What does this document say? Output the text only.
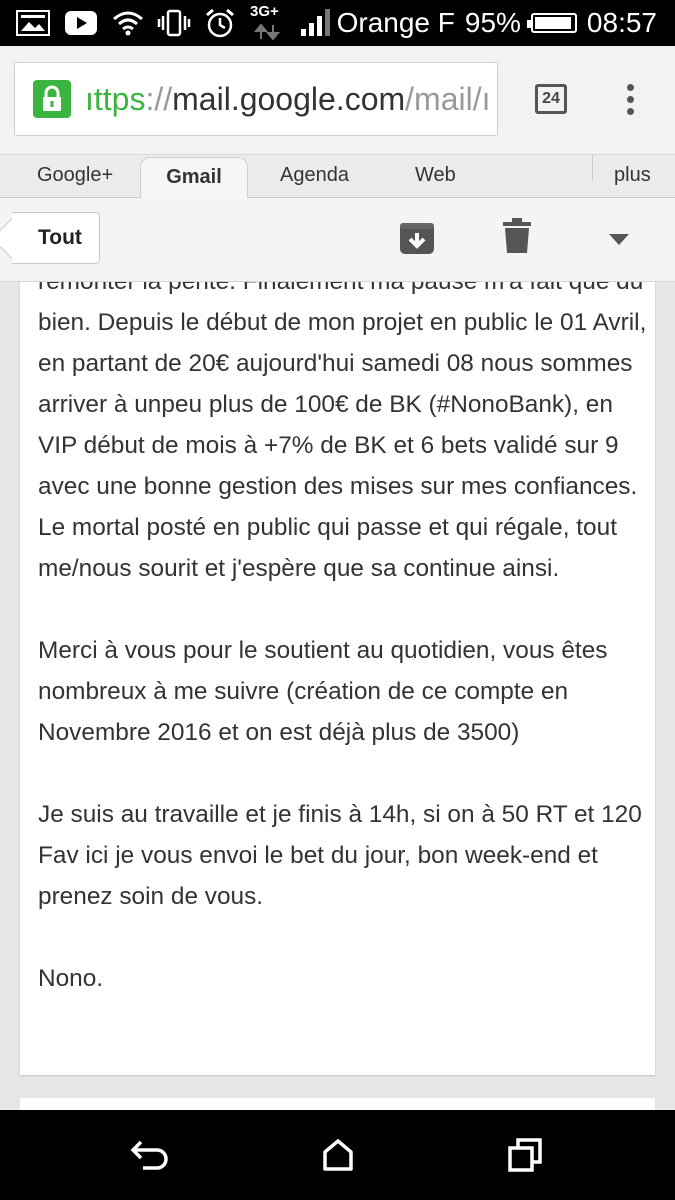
3G+ Orange F 95% 08:57
ıttps://mail.google.com/mail/ı	24
Google+	Gmail	Agenda	Web	plus
Tout

bien. Depuis le début de mon projet en public le 01 Avril, en partant de 20€ aujourd'hui samedi 08 nous sommes arriver à unpeu plus de 100€ de BK (#NonoBank), en VIP début de mois à +7% de BK et 6 bets validé sur 9 avec une bonne gestion des mises sur mes confiances. Le mortal posté en public qui passe et qui régale, tout me/nous sourit et j'espère que sa continue ainsi.

Merci à vous pour le soutient au quotidien, vous êtes nombreux à me suivre (création de ce compte en Novembre 2016 et on est déjà plus de 3500)

Je suis au travaille et je finis à 14h, si on à 50 RT et 120 Fav ici je vous envoi le bet du jour, bon week-end et prenez soin de vous.

Nono.
